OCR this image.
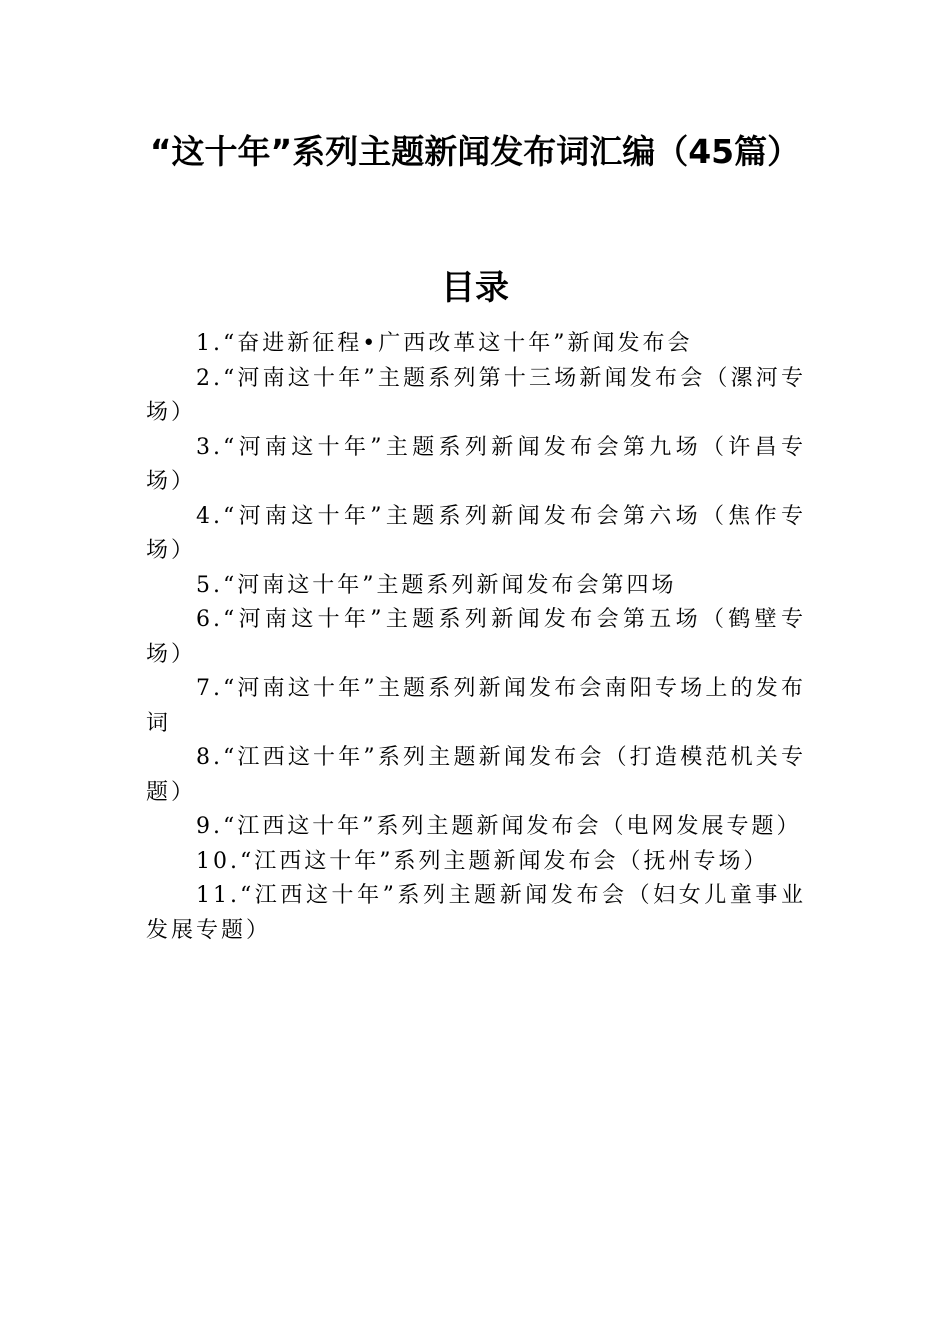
“这十年”系列主题新闻发布词汇编（45篇）
目录
1.“奋进新征程•广西改革这十年”新闻发布会
2.“河南这十年”主题系列第十三场新闻发布会（漯河专场）
3.“河南这十年”主题系列新闻发布会第九场（许昌专场）
4.“河南这十年”主题系列新闻发布会第六场（焦作专场）
5.“河南这十年”主题系列新闻发布会第四场
6.“河南这十年”主题系列新闻发布会第五场（鹤壁专场）
7.“河南这十年”主题系列新闻发布会南阳专场上的发布词
8.“江西这十年”系列主题新闻发布会（打造模范机关专题）
9.“江西这十年”系列主题新闻发布会（电网发展专题）
10.“江西这十年”系列主题新闻发布会（抚州专场）
11.“江西这十年”系列主题新闻发布会（妇女儿童事业发展专题）
